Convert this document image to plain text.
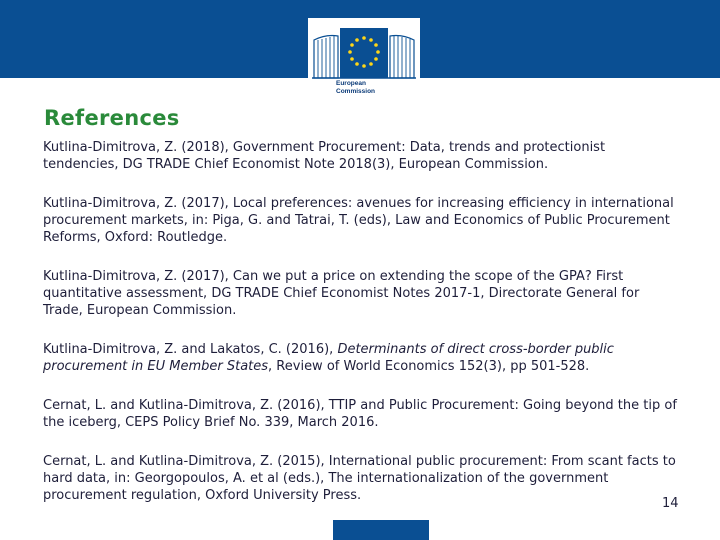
European
Commission
References
Kutlina-Dimitrova, Z. (2018), Government Procurement: Data, trends and protectionist tendencies, DG TRADE Chief Economist Note 2018(3), European Commission.
Kutlina-Dimitrova, Z. (2017), Local preferences: avenues for increasing efficiency in international procurement markets, in: Piga, G. and Tatrai, T. (eds), Law and Economics of Public Procurement Reforms, Oxford: Routledge.
Kutlina-Dimitrova, Z. (2017), Can we put a price on extending the scope of the GPA? First quantitative assessment, DG TRADE Chief Economist Notes 2017-1, Directorate General for Trade, European Commission.
Kutlina-Dimitrova, Z. and Lakatos, C. (2016), Determinants of direct cross-border public procurement in EU Member States, Review of World Economics 152(3), pp 501-528.
Cernat, L. and Kutlina-Dimitrova, Z. (2016), TTIP and Public Procurement: Going beyond the tip of the iceberg, CEPS Policy Brief No. 339, March 2016.
Cernat, L. and Kutlina-Dimitrova, Z. (2015), International public procurement: From scant facts to hard data, in: Georgopoulos, A. et al (eds.), The internationalization of the government procurement regulation, Oxford University Press.
14
